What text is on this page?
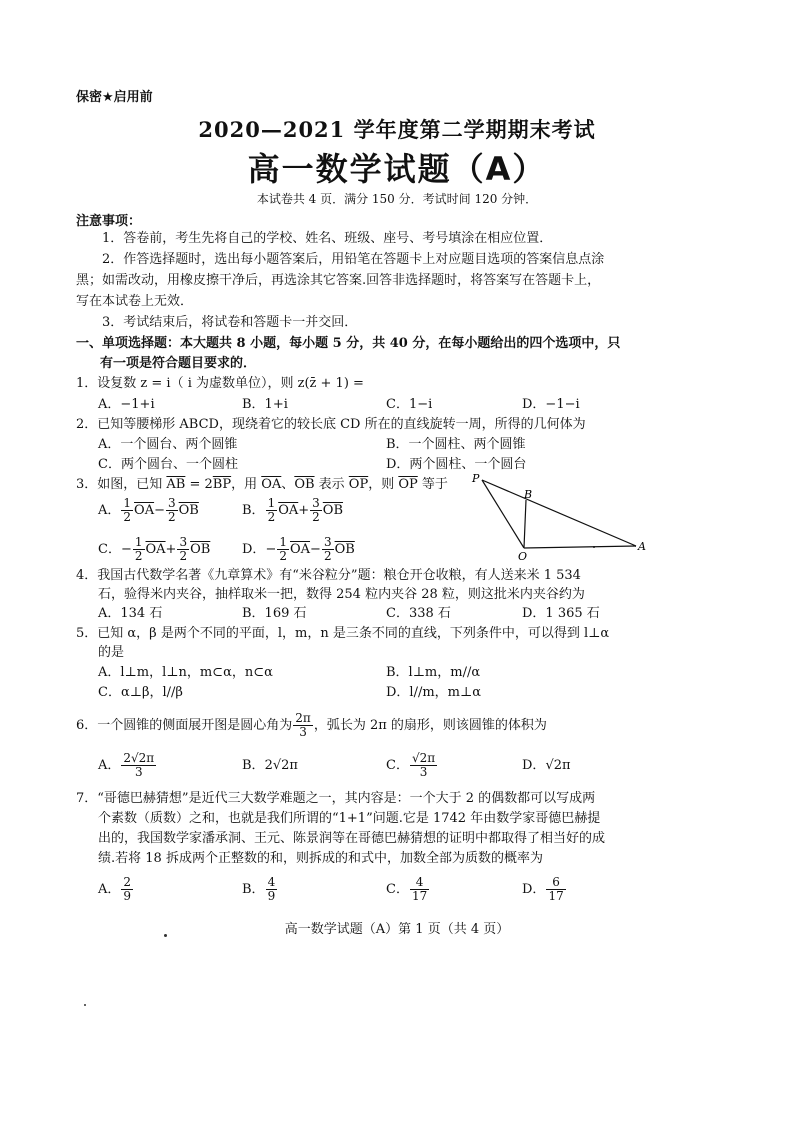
保密★启用前
2020—2021 学年度第二学期期末考试
高一数学试题（A）
本试卷共 4 页．满分 150 分．考试时间 120 分钟．
注意事项：
1．答卷前，考生先将自己的学校、姓名、班级、座号、考号填涂在相应位置．
2．作答选择题时，选出每小题答案后，用铅笔在答题卡上对应题目选项的答案信息点涂
黑；如需改动，用橡皮擦干净后，再选涂其它答案.回答非选择题时，将答案写在答题卡上，
写在本试卷上无效．
3．考试结束后，将试卷和答题卡一并交回．
一、单项选择题：本大题共 8 小题，每小题 5 分，共 40 分，在每小题给出的四个选项中，只
有一项是符合题目要求的．
1．设复数 z = i（ i 为虚数单位），则 z(z̄ + 1) =
A．−1+i	B．1+i	C．1−i	D．−1−i
2．已知等腰梯形 ABCD，现绕着它的较长底 CD 所在的直线旋转一周，所得的几何体为
A．一个圆台、两个圆锥	B．一个圆柱、两个圆锥
C．两个圆台、一个圆柱	D．两个圆柱、一个圆台
3．如图，已知 $\overline{AB} = 2\overline{BP}$，用 $\overline{OA}$、$\overline{OB}$ 表示 $\overline{OP}$，则 $\overline{OP}$ 等于
A． $\frac{1}{2} \overline{OA}- \frac{3}{2} \overline{OB}$	B． $\frac{1}{2} \overline{OA}+ \frac{3}{2} \overline{OB}$
C．− $\frac{1}{2} \overline{OA}+ \frac{3}{2} \overline{OB}$ D．− $\frac{1}{2} \overline{OA}- \frac{3}{2} \overline{OB}$
P
B
O
A
4．我国古代数学名著《九章算术》有“米谷粒分”题：粮仓开仓收粮，有人送来米 1 534
石，验得米内夹谷，抽样取米一把，数得 254 粒内夹谷 28 粒，则这批米内夹谷约为
A．134 石	B．169 石	C．338 石	D．1 365 石
5．已知 α，β 是两个不同的平面，l，m，n 是三条不同的直线，下列条件中，可以得到 l⊥α
的是
A．l⊥m，l⊥n，m⊂α，n⊂α	B．l⊥m，m//α
C．α⊥β，l//β	D．l//m，m⊥α
6．一个圆锥的侧面展开图是圆心角为 $\frac{2\pi}{3}$ ，弧长为 2π 的扇形，则该圆锥的体积为
A． $\frac{2√2\pi}{3}$	B．2√2π	C． $\frac{√2\pi}{3}$	D．√2π
7．“哥德巴赫猜想”是近代三大数学难题之一，其内容是：一个大于 2 的偶数都可以写成两
个素数（质数）之和，也就是我们所谓的“1+1”问题.它是 1742 年由数学家哥德巴赫提
出的，我国数学家潘承洞、王元、陈景润等在哥德巴赫猜想的证明中都取得了相当好的成
绩.若将 18 拆成两个正整数的和，则拆成的和式中，加数全部为质数的概率为
A． $\frac{2}{9}$	B． $\frac{4}{9}$	C． $\frac{4}{17}$	D． $\frac{6}{17}$
高一数学试题（A）第 1 页（共 4 页）
